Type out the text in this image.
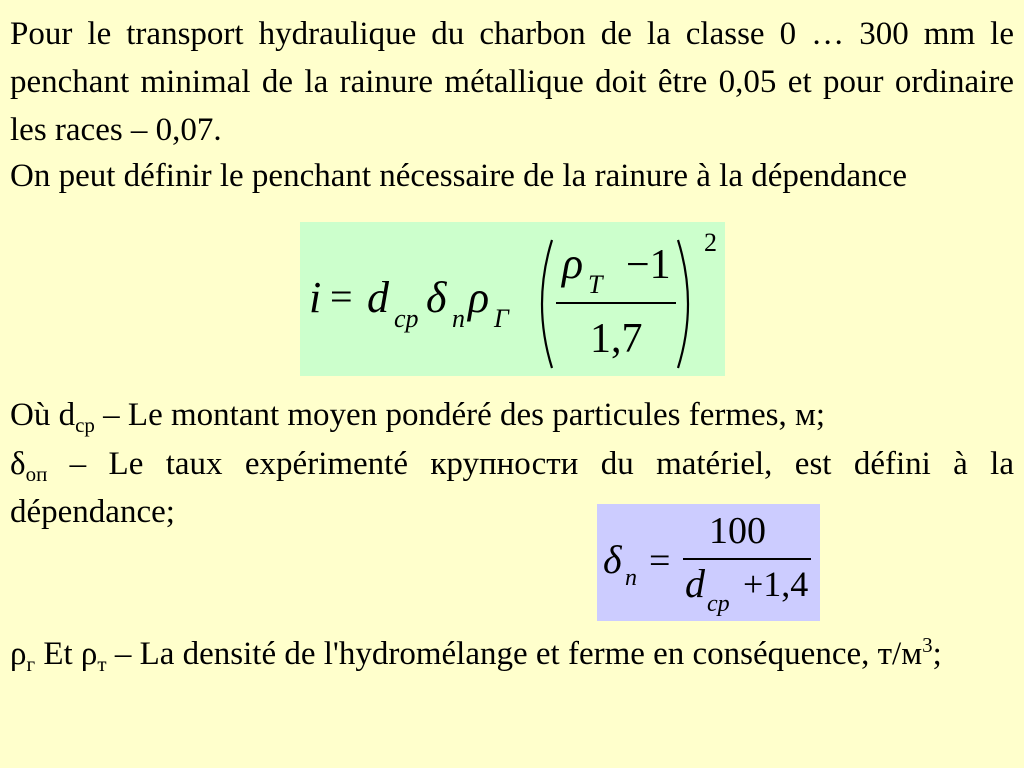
Pour le transport hydraulique du charbon de la classe 0 … 300 mm le penchant minimal de la rainure métallique doit être 0,05 et pour ordinaire les races – 0,07.

On peut définir le penchant nécessaire de la rainure à la dépendance

i = d cp δ n ρ Γ
ρ T −1
1,7
2

Où $d_{cp}$ – Le montant moyen pondéré des particules fermes, м;

$\delta_{оп}$ – Le taux expérimenté крупности du matériel, est défini à la dépendance;

δ n =
100
d cp +1,4

$\rho_г$ Et $\rho_т$ – La densité de l'hydromélange et ferme en conséquence, $т/м^3$;
